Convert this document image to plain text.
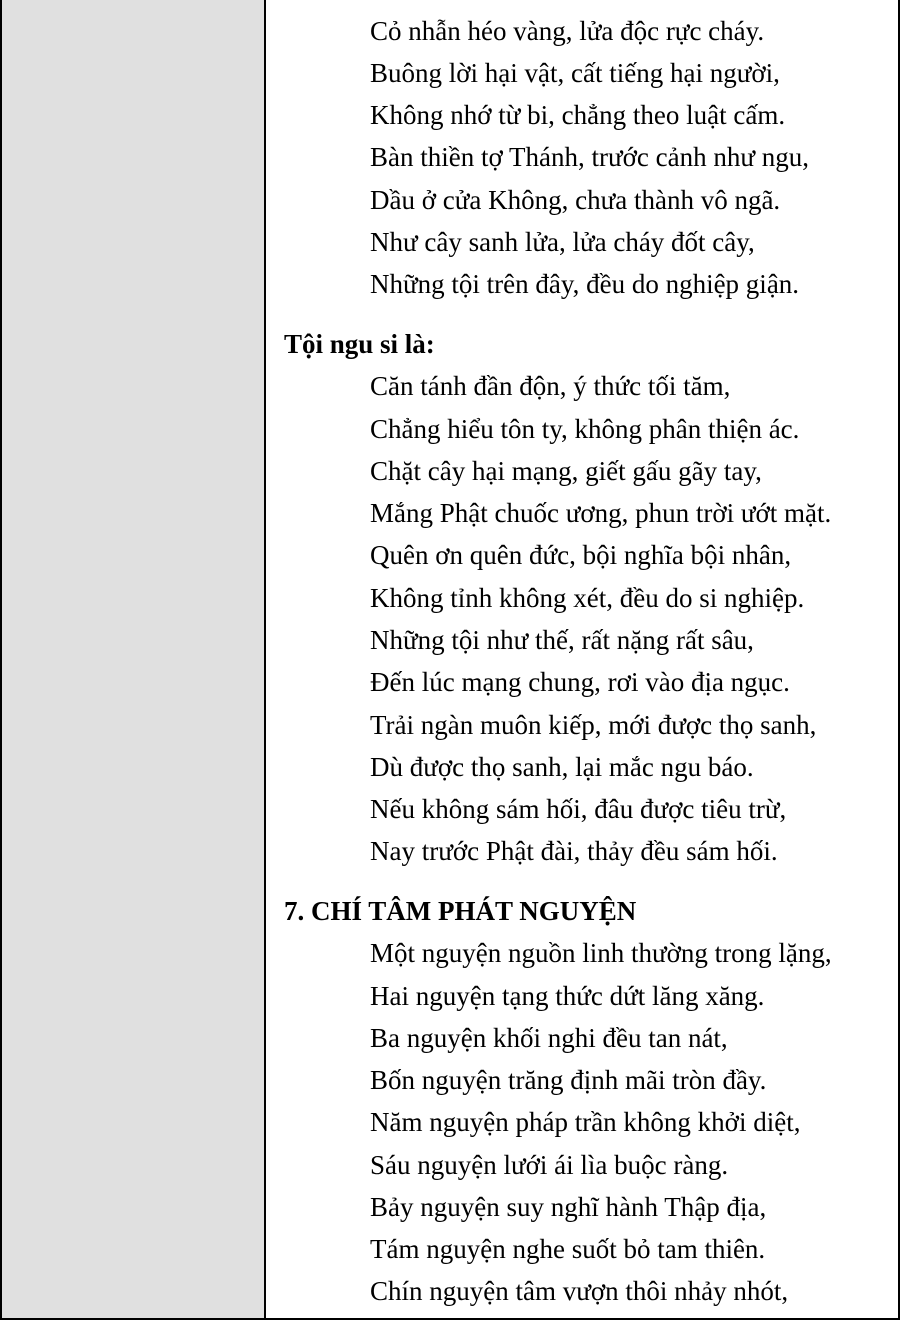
Cỏ nhẫn héo vàng, lửa độc rực cháy.
Buông lời hại vật, cất tiếng hại người,
Không nhớ từ bi, chẳng theo luật cấm.
Bàn thiền tợ Thánh, trước cảnh như ngu,
Dầu ở cửa Không, chưa thành vô ngã.
Như cây sanh lửa, lửa cháy đốt cây,
Những tội trên đây, đều do nghiệp giận.
Tội ngu si là:
Căn tánh đần độn, ý thức tối tăm,
Chẳng hiểu tôn ty, không phân thiện ác.
Chặt cây hại mạng, giết gấu gãy tay,
Mắng Phật chuốc ương, phun trời ướt mặt.
Quên ơn quên đức, bội nghĩa bội nhân,
Không tỉnh không xét, đều do si nghiệp.
Những tội như thế, rất nặng rất sâu,
Đến lúc mạng chung, rơi vào địa ngục.
Trải ngàn muôn kiếp, mới được thọ sanh,
Dù được thọ sanh, lại mắc ngu báo.
Nếu không sám hối, đâu được tiêu trừ,
Nay trước Phật đài, thảy đều sám hối.
7. CHÍ TÂM PHÁT NGUYỆN
Một nguyện nguồn linh thường trong lặng,
Hai nguyện tạng thức dứt lăng xăng.
Ba nguyện khối nghi đều tan nát,
Bốn nguyện trăng định mãi tròn đầy.
Năm nguyện pháp trần không khởi diệt,
Sáu nguyện lưới ái lìa buộc ràng.
Bảy nguyện suy nghĩ hành Thập địa,
Tám nguyện nghe suốt bỏ tam thiên.
Chín nguyện tâm vượn thôi nhảy nhót,
